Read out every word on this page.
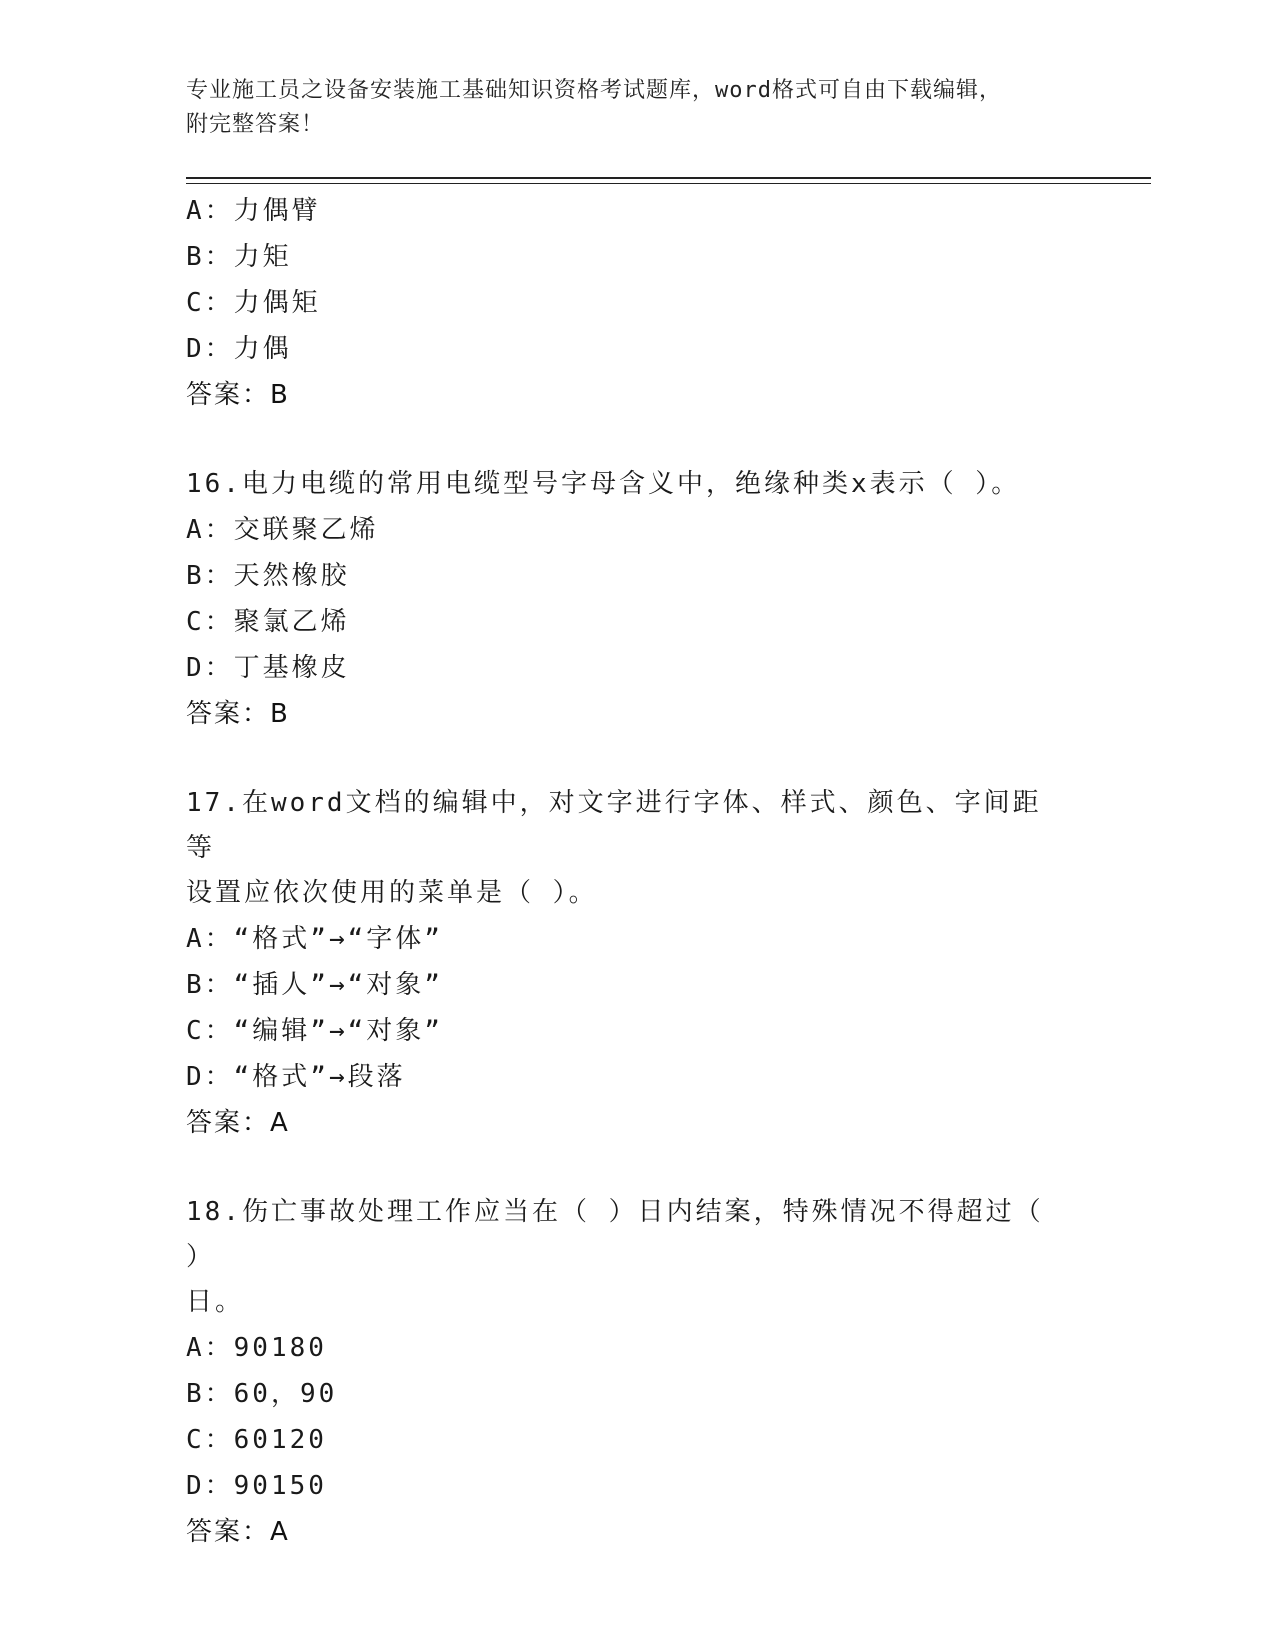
专业施工员之设备安装施工基础知识资格考试题库，word格式可自由下载编辑，
附完整答案！
A：力偶臂
B：力矩
C：力偶矩
D：力偶
答案：B
16.电力电缆的常用电缆型号字母含义中，绝缘种类x表示（ ）。
A：交联聚乙烯
B：天然橡胶
C：聚氯乙烯
D：丁基橡皮
答案：B
17.在word文档的编辑中，对文字进行字体、样式、颜色、字间距等
设置应依次使用的菜单是（ ）。
A：“格式”→“字体”
B：“插人”→“对象”
C：“编辑”→“对象”
D：“格式”→段落
答案：A
18.伤亡事故处理工作应当在（ ）日内结案，特殊情况不得超过（ ）
日。
A：90180
B：60，90
C：60120
D：90150
答案：A
